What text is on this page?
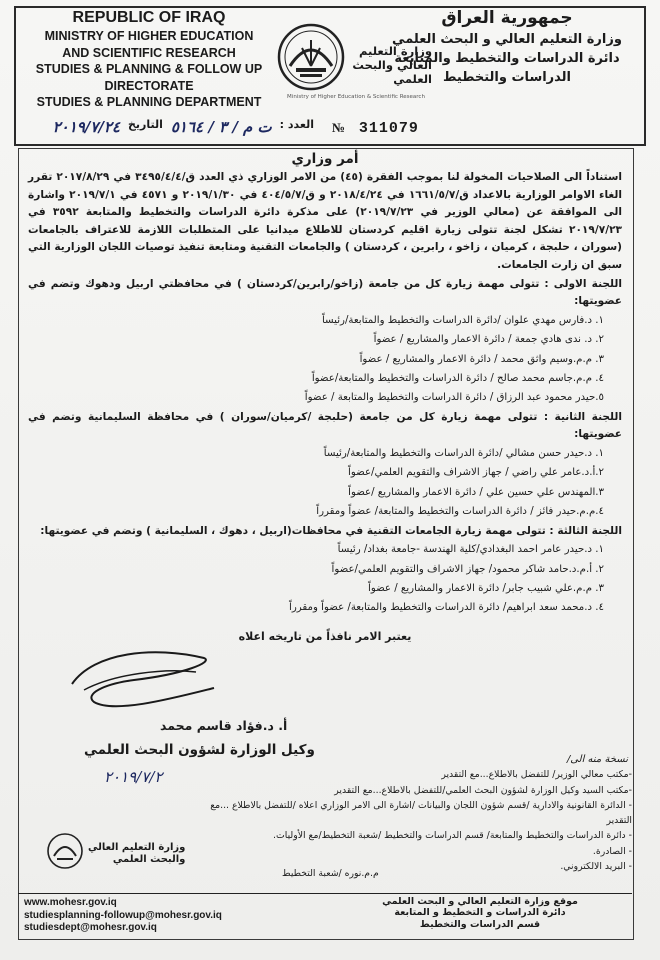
REPUBLIC OF IRAQ
MINISTRY OF HIGHER EDUCATION
AND SCIENTIFIC RESEARCH
STUDIES & PLANNING & FOLLOW UP DIRECTORATE
STUDIES & PLANNING DEPARTMENT
جمهورية العراق
وزارة التعليم العالي و البحث العلمي
دائرة الدراسات والتخطيط والمتابعة
الدراسات والتخطيط
وزارة التعليم العالي والبحث العلمي
Ministry of Higher Education & Scientific Research
№ 311079
العدد :
ت م / ٣ / ٥١٦٤
التاريخ
٢٠١٩/٧/٢٤
أمر وزاري
استناداً الى الصلاحيات المخولة لنا بموجب الفقرة (٤٥) من الامر الوزاري ذي العدد ق/٣٤٩٥/٤/٤ في ٢٠١٧/٨/٢٩ تقرر الغاء الاوامر الوزارية بالاعداد ق/١٦٦١/٥/٧ في ٢٠١٨/٤/٢٤ و ق/٤٠٤/٥/٧ في ٢٠١٩/١/٣٠ و ٤٥٧١ في ٢٠١٩/٧/١ واشارة الى الموافقة عن (معالي الوزير في ٢٠١٩/٧/٢٣) على مذكرة دائرة الدراسات والتخطيط والمتابعة ٣٥٩٢ في ٢٠١٩/٧/٢٣ تشكل لجنة تتولى زيارة اقليم كردستان للاطلاع ميدانيا على المتطلبات اللازمة للاعتراف بالجامعات (سوران ، حلبجة ، كرميان ، زاخو ، رابرين ، كردستان ) والجامعات التقنية ومتابعة تنفيذ توصيات اللجان الوزارية التي سبق ان زارت الجامعات.
اللجنة الاولى : تتولى مهمة زيارة كل من جامعة (زاخو/رابرين/كردستان ) في محافظتي اربيل ودهوك وتضم في عضويتها:
١. د.فارس مهدي علوان /دائرة الدراسات والتخطيط والمتابعة/رئيساً
٢. د. ندى هادي جمعة / دائرة الاعمار والمشاريع / عضواً
٣. م.م.وسيم واثق محمد / دائرة الاعمار والمشاريع / عضواً
٤. م.م.جاسم محمد صالح / دائرة الدراسات والتخطيط والمتابعة/عضواً
٥.حيدر محمود عبد الرزاق / دائرة الدراسات والتخطيط والمتابعة / عضواً
اللجنة الثانية : تتولى مهمة زيارة كل من جامعة (حلبجة /كرميان/سوران ) في محافظة السليمانية وتضم في عضويتها:
١. د.حيدر حسن مشالي /دائرة الدراسات والتخطيط والمتابعة/رئيساً
٢.أ.د.عامر علي راضي / جهاز الاشراف والتقويم العلمي/عضواً
٣.المهندس علي حسين علي / دائرة الاعمار والمشاريع /عضواً
٤.م.م.حيدر فائز / دائرة الدراسات والتخطيط والمتابعة/ عضواً ومقرراً
اللجنة الثالثة : تتولى مهمة زيارة الجامعات التقنية في محافظات(اربيل ، دهوك ، السليمانية ) وتضم في عضويتها:
١. د.حيدر عامر احمد البغدادي/كلية الهندسة -جامعة بغداد/ رئيساً
٢. أ.م.د.حامد شاكر محمود/ جهاز الاشراف والتقويم العلمي/عضواً
٣. م.م.علي شبيب جابر/ دائرة الاعمار والمشاريع / عضواً
٤. د.محمد سعد ابراهيم/ دائرة الدراسات والتخطيط والمتابعة/ عضواً ومقرراً
يعتبر الامر نافذاً من تاريخه اعلاه
أ. د.فؤاد قاسم محمد
وكيل الوزارة لشؤون البحث العلمي
٢٠١٩/٧/٢
نسخة منه الى/
-مكتب معالي الوزير/ للتفضل بالاطلاع...مع التقدير
-مكتب السيد وكيل الوزارة لشؤون البحث العلمي/للتفضل بالاطلاع...مع التقدير
- الدائرة القانونية والادارية /قسم شؤون اللجان والبيانات /اشارة الى الامر الوزاري اعلاه /للتفضل بالاطلاع ...مع التقدير
- دائرة الدراسات والتخطيط والمتابعة/ قسم الدراسات والتخطيط /شعبة التخطيط/مع الأوليات.
- الصادرة.
- البريد الالكتروني.
م.م.نوره /شعبة التخطيط
وزارة التعليم العالي
والبحث العلمي
www.mohesr.gov.iq
studiesplanning-followup@mohesr.gov.iq
studiesdept@mohesr.gov.iq
موقع وزارة التعليم العالي و البحث العلمي
دائرة الدراسات و التخطيط و المتابعة
قسم الدراسات والتخطيط
